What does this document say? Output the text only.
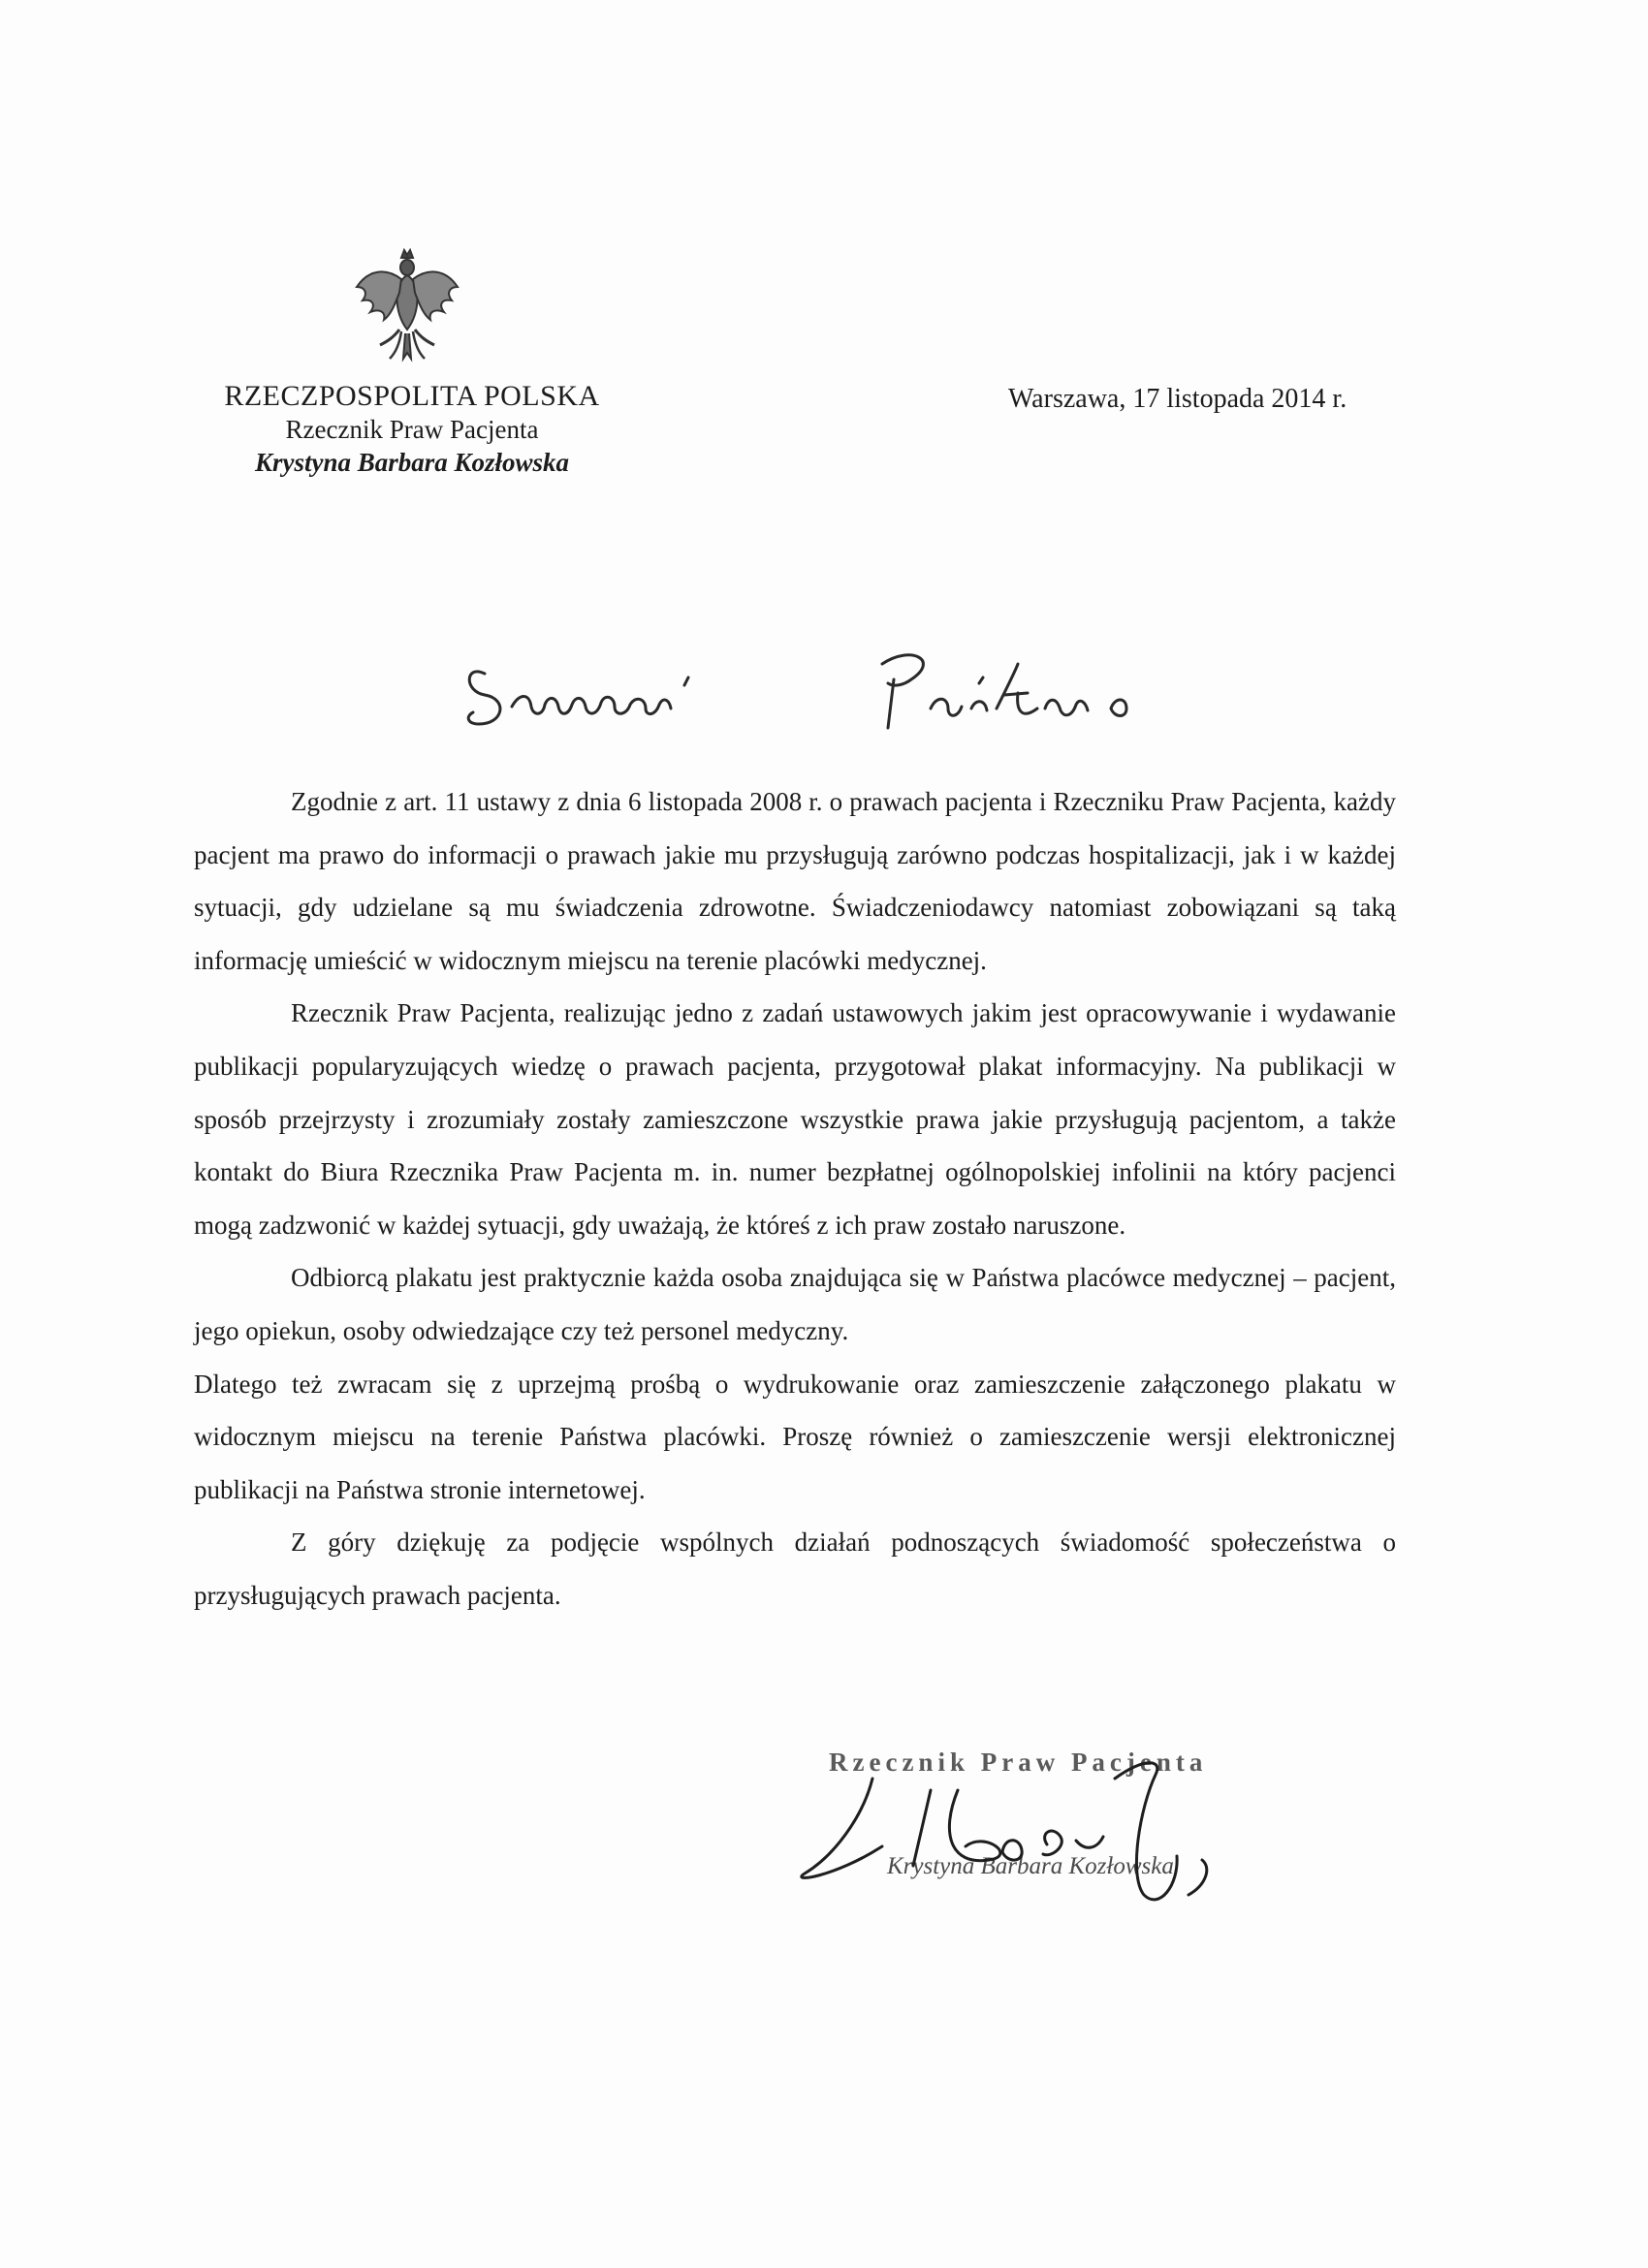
RZECZPOSPOLITA POLSKA
Rzecznik Praw Pacjenta
Krystyna Barbara Kozłowska
Warszawa, 17 listopada 2014 r.
Szanowni Państwo

Zgodnie z art. 11 ustawy z dnia 6 listopada 2008 r. o prawach pacjenta i Rzeczniku Praw Pacjenta, każdy pacjent ma prawo do informacji o prawach jakie mu przysługują zarówno podczas hospitalizacji, jak i w każdej sytuacji, gdy udzielane są mu świadczenia zdrowotne. Świadczeniodawcy natomiast zobowiązani są taką informację umieścić w widocznym miejscu na terenie placówki medycznej.

Rzecznik Praw Pacjenta, realizując jedno z zadań ustawowych jakim jest opracowywanie i wydawanie publikacji popularyzujących wiedzę o prawach pacjenta, przygotował plakat informacyjny. Na publikacji w sposób przejrzysty i zrozumiały zostały zamieszczone wszystkie prawa jakie przysługują pacjentom, a także kontakt do Biura Rzecznika Praw Pacjenta m. in. numer bezpłatnej ogólnopolskiej infolinii na który pacjenci mogą zadzwonić w każdej sytuacji, gdy uważają, że któreś z ich praw zostało naruszone.

Odbiorcą plakatu jest praktycznie każda osoba znajdująca się w Państwa placówce medycznej – pacjent, jego opiekun, osoby odwiedzające czy też personel medyczny.

Dlatego też zwracam się z uprzejmą prośbą o wydrukowanie oraz zamieszczenie załączonego plakatu w widocznym miejscu na terenie Państwa placówki. Proszę również o zamieszczenie wersji elektronicznej publikacji na Państwa stronie internetowej.

Z góry dziękuję za podjęcie wspólnych działań podnoszących świadomość społeczeństwa o przysługujących prawach pacjenta.

Rzecznik Praw Pacjenta
Krystyna Barbara Kozłowska
